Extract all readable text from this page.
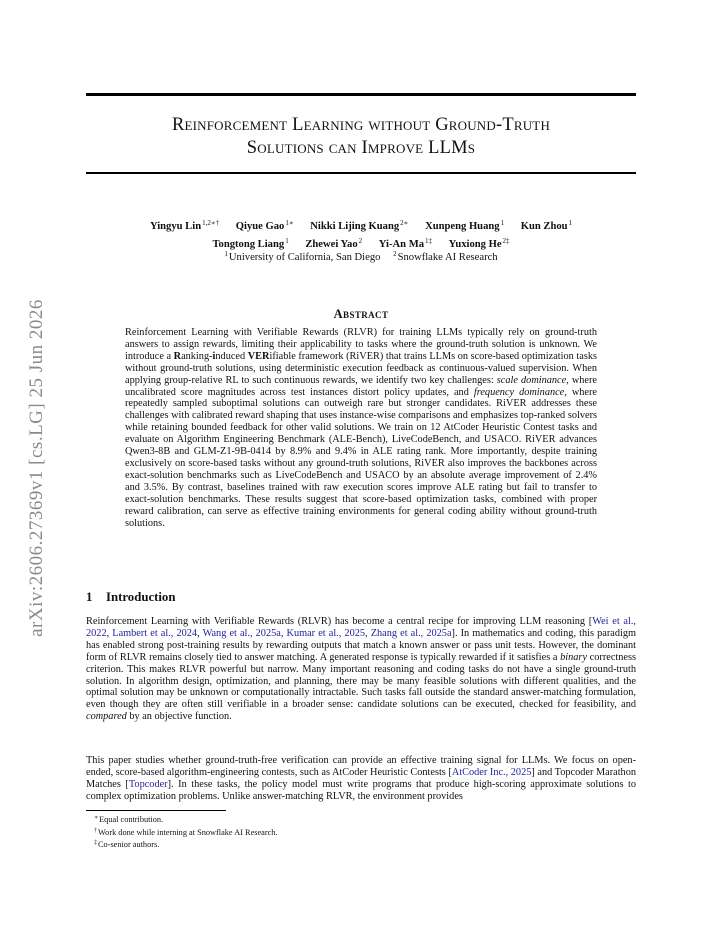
arXiv:2606.27369v1 [cs.LG] 25 Jun 2026
Reinforcement Learning without Ground-Truth
Solutions can Improve LLMs
Yingyu Lin$^{1,2∗\dagger}$ Qiyue Gao$^{1∗}$ Nikki Lijing Kuang$^{2∗}$ Xunpeng Huang$^1$ Kun Zhou$^1$
Tongtong Liang$^1$ Zhewei Yao$^2$ Yi-An $Ma^{1\ddagger}$ Yuxiong $He^{2\ddagger}$
$^1$University of California, San Diego $^2$Snowflake AI Research
Abstract
Reinforcement Learning with Verifiable Rewards (RLVR) for training LLMs typically rely on ground-truth answers to assign rewards, limiting their applicability to tasks where the ground-truth solution is unknown. We introduce a Ranking-induced VERifiable framework (RiVER) that trains LLMs on score-based optimization tasks without ground-truth solutions, using deterministic execution feedback as continuous-valued supervision. When applying group-relative RL to such continuous rewards, we identify two key challenges: scale dominance, where uncalibrated score magnitudes across test instances distort policy updates, and frequency dominance, where repeatedly sampled suboptimal solutions can outweigh rare but stronger candidates. RiVER addresses these challenges with calibrated reward shaping that uses instance-wise comparisons and emphasizes top-ranked solvers while retaining bounded feedback for other valid solutions. We train on 12 AtCoder Heuristic Contest tasks and evaluate on Algorithm Engineering Benchmark (ALE-Bench), LiveCodeBench, and USACO. RiVER advances Qwen3-8B and GLM-Z1-9B-0414 by 8.9% and 9.4% in ALE rating rank. More importantly, despite training exclusively on score-based tasks without any ground-truth solutions, RiVER also improves the backbones across exact-solution benchmarks such as LiveCodeBench and USACO by an absolute average improvement of 2.4% and 3.5%. By contrast, baselines trained with raw execution scores improve ALE rating but fail to transfer to exact-solution benchmarks. These results suggest that score-based optimization tasks, combined with proper reward calibration, can serve as effective training environments for general coding ability without ground-truth solutions.
1 Introduction
Reinforcement Learning with Verifiable Rewards (RLVR) has become a central recipe for improving LLM reasoning [Wei et al., 2022, Lambert et al., 2024, Wang et al., 2025a, Kumar et al., 2025, Zhang et al., 2025a]. In mathematics and coding, this paradigm has enabled strong post-training results by rewarding outputs that match a known answer or pass unit tests. However, the dominant form of RLVR remains closely tied to answer matching. A generated response is typically rewarded if it satisfies a binary correctness criterion. This makes RLVR powerful but narrow. Many important reasoning and coding tasks do not have a single ground-truth solution. In algorithm design, optimization, and planning, there may be many feasible solutions with different qualities, and the optimal solution may be unknown or computationally intractable. Such tasks fall outside the standard answer-matching formulation, even though they are often still verifiable in a broader sense: candidate solutions can be executed, checked for feasibility, and compared by an objective function.
This paper studies whether ground-truth-free verification can provide an effective training signal for LLMs. We focus on open-ended, score-based algorithm-engineering contests, such as AtCoder Heuristic Contests [AtCoder Inc., 2025] and Topcoder Marathon Matches [Topcoder]. In these tasks, the policy model must write programs that produce high-scoring approximate solutions to complex optimization problems. Unlike answer-matching RLVR, the environment provides
∗Equal contribution.
†Work done while interning at Snowflake AI Research.
‡Co-senior authors.
